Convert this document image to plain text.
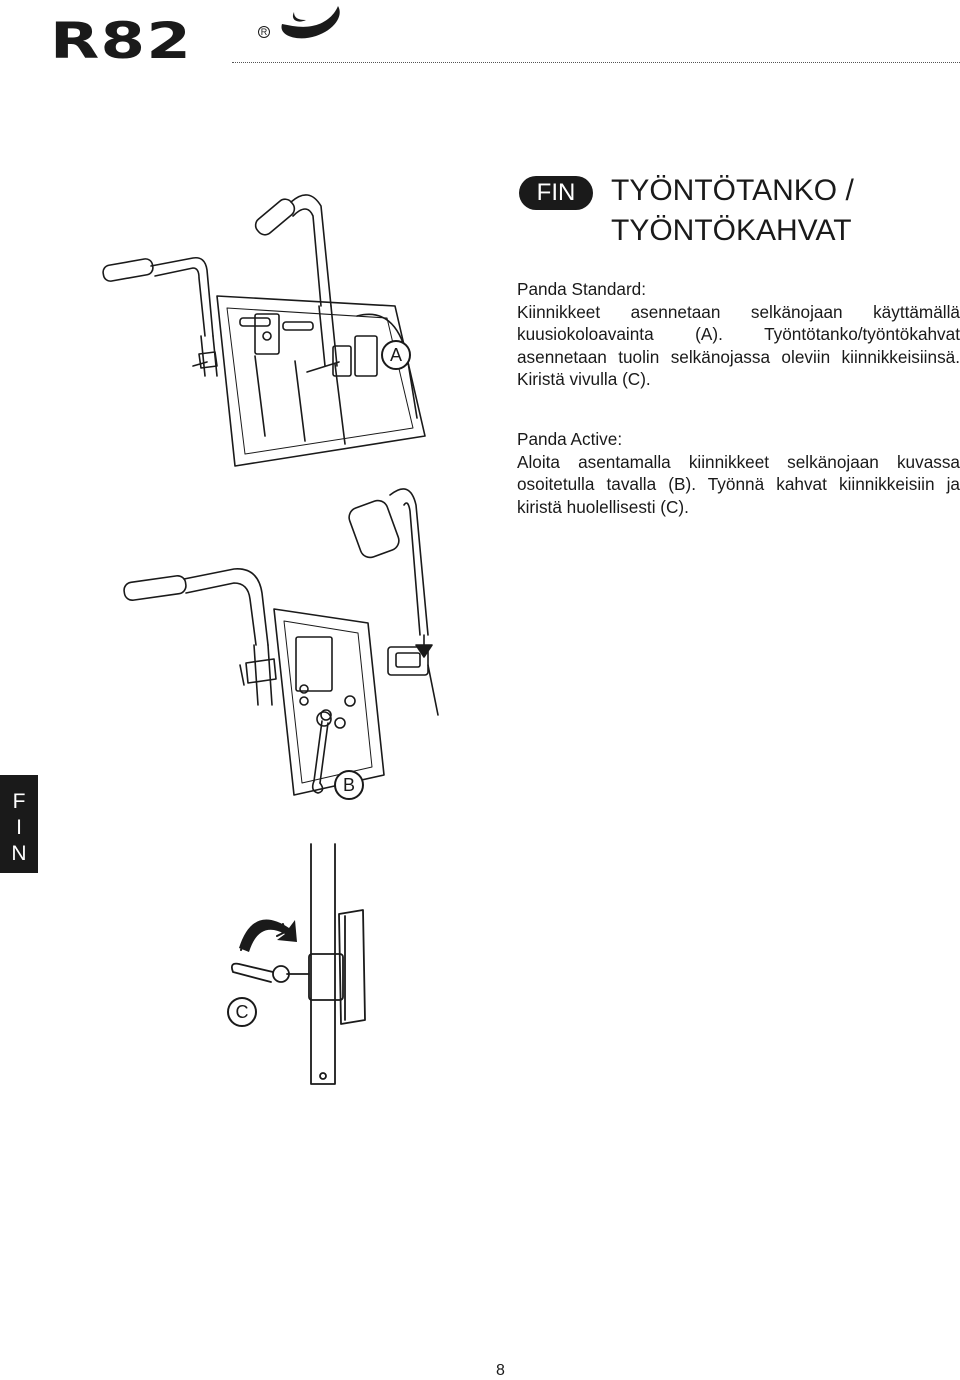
R82	R
FIN	TYÖNTÖTANKO /
TYÖNTÖKAHVAT

Panda Standard:

Kiinnikkeet asennetaan selkänojaan käyttämällä kuusiokoloavainta (A). Työntötanko/työntökahvat asennetaan tuolin selkänojassa oleviin kiinnikkeisiinsä. Kiristä vivulla (C).

Panda Active:

Aloita asentamalla kiinnikkeet selkänojaan kuvassa osoitetulla tavalla (B). Työnnä kahvat kiinnikkeisiin ja kiristä huolellisesti (C).

A
B
C
F
I
N
8
